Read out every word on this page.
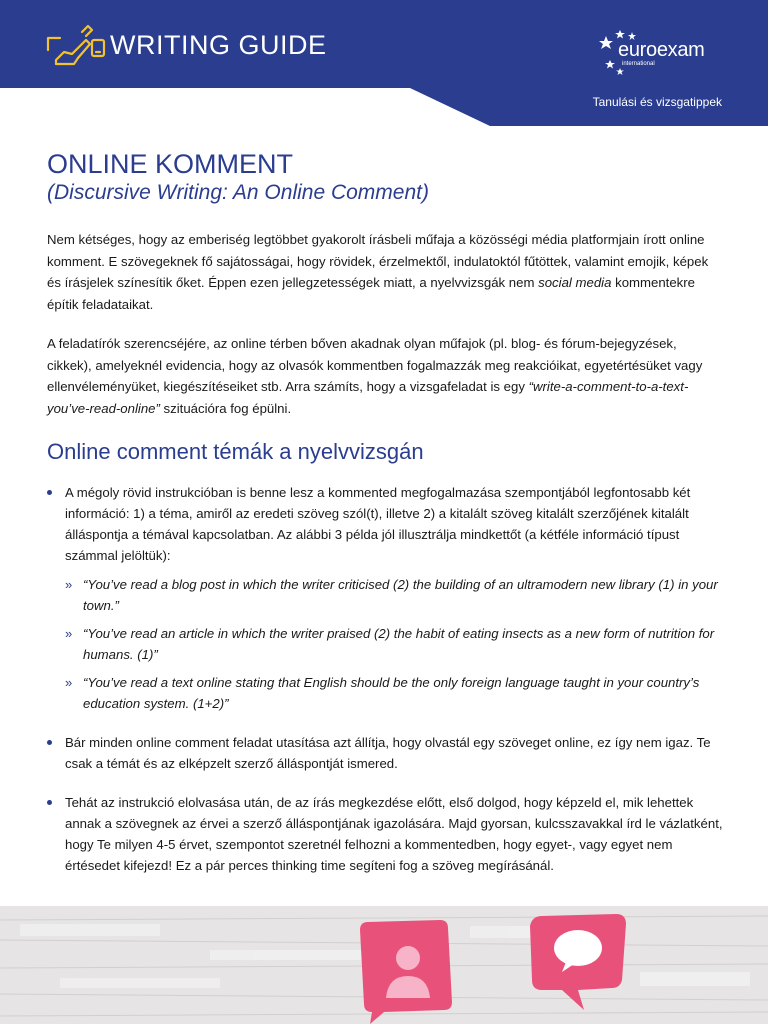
WRITING GUIDE	euroexam
international
Tanulási és vizsgatippek
ONLINE KOMMENT
(Discursive Writing: An Online Comment)

Nem kétséges, hogy az emberiség legtöbbet gyakorolt írásbeli műfaja a közösségi média platformjain írott online komment. E szövegeknek fő sajátosságai, hogy rövidek, érzelmektől, indulatoktól fűtöttek, valamint emojik, képek és írásjelek színesítik őket. Éppen ezen jellegzetességek miatt, a nyelvvizsgák nem social media kommentekre építik feladataikat.

A feladatírók szerencséjére, az online térben bőven akadnak olyan műfajok (pl. blog- és fórum-bejegyzések, cikkek), amelyeknél evidencia, hogy az olvasók kommentben fogalmazzák meg reakcióikat, egyetértésüket vagy ellenvéleményüket, kiegészítéseiket stb. Arra számíts, hogy a vizsgafeladat is egy “write-a-comment-to-a-text-you’ve-read-online” szituációra fog épülni.

Online comment témák a nyelvvizsgán
A mégoly rövid instrukcióban is benne lesz a kommented megfogalmazása szempontjából legfontosabb két információ: 1) a téma, amiről az eredeti szöveg szól(t), illetve 2) a kitalált szöveg kitalált szerzőjének kitalált álláspontja a témával kapcsolatban. Az alábbi 3 példa jól illusztrálja mindkettőt (a kétféle információ típust számmal jelöltük):
» “You’ve read a blog post in which the writer criticised (2) the building of an ultramodern new library (1) in your town.”
» “You’ve read an article in which the writer praised (2) the habit of eating insects as a new form of nutrition for humans. (1)”
» “You’ve read a text online stating that English should be the only foreign language taught in your country’s education system. (1+2)”
Bár minden online comment feladat utasítása azt állítja, hogy olvastál egy szöveget online, ez így nem igaz. Te csak a témát és az elképzelt szerző álláspontját ismered.
Tehát az instrukció elolvasása után, de az írás megkezdése előtt, első dolgod, hogy képzeld el, mik lehettek annak a szövegnek az érvei a szerző álláspontjának igazolására. Majd gyorsan, kulcsszavakkal írd le vázlatként, hogy Te milyen 4-5 érvet, szempontot szeretnél felhozni a kommentedben, hogy egyet-, vagy egyet nem értésedet kifejezd! Ez a pár perces thinking time segíteni fog a szöveg megírásánál.
